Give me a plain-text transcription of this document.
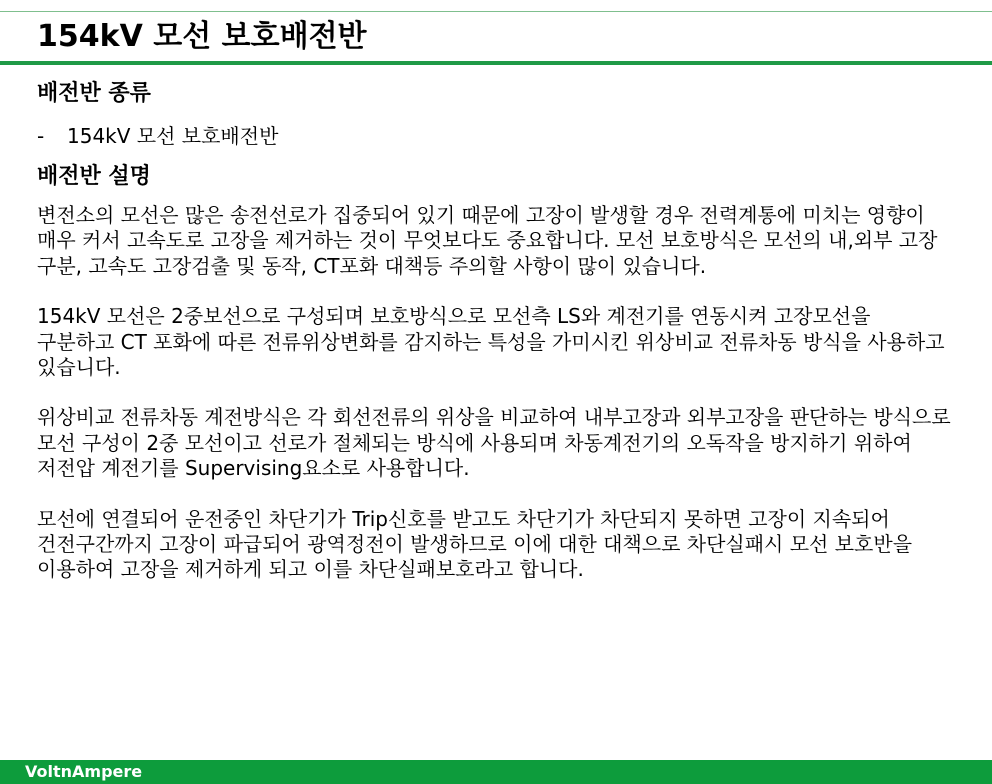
154kV 모선 보호배전반
배전반 종류
-	154kV 모선 보호배전반
배전반 설명

변전소의 모선은 많은 송전선로가 집중되어 있기 때문에 고장이 발생할 경우 전력계통에 미치는 영향이 매우 커서 고속도로 고장을 제거하는 것이 무엇보다도 중요합니다. 모선 보호방식은 모선의 내,외부 고장 구분, 고속도 고장검출 및 동작, CT포화 대책등 주의할 사항이 많이 있습니다.

154kV 모선은 2중보선으로 구성되며 보호방식으로 모선측 LS와 계전기를 연동시켜 고장모선을 구분하고 CT 포화에 따른 전류위상변화를 감지하는 특성을 가미시킨 위상비교 전류차동 방식을 사용하고 있습니다.

위상비교 전류차동 계전방식은 각 회선전류의 위상을 비교하여 내부고장과 외부고장을 판단하는 방식으로 모선 구성이 2중 모선이고 선로가 절체되는 방식에 사용되며 차동계전기의 오독작을 방지하기 위하여 저전압 계전기를 Supervising요소로 사용합니다.

모선에 연결되어 운전중인 차단기가 Trip신호를 받고도 차단기가 차단되지 못하면 고장이 지속되어 건전구간까지 고장이 파급되어 광역정전이 발생하므로 이에 대한 대책으로 차단실패시 모선 보호반을 이용하여 고장을 제거하게 되고 이를 차단실패보호라고 합니다.

VoltnAmpere
